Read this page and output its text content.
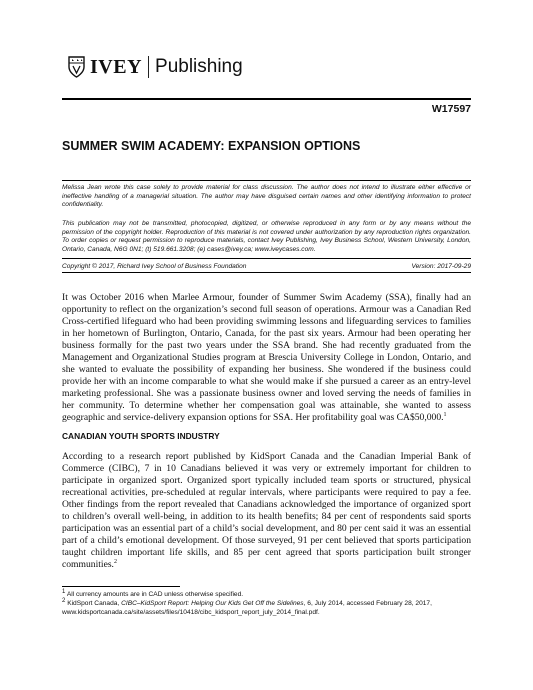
IVEY Publishing
W17597
SUMMER SWIM ACADEMY: EXPANSION OPTIONS
Melissa Jean wrote this case solely to provide material for class discussion. The author does not intend to illustrate either effective or ineffective handling of a managerial situation. The author may have disguised certain names and other identifying information to protect confidentiality.
This publication may not be transmitted, photocopied, digitized, or otherwise reproduced in any form or by any means without the permission of the copyright holder. Reproduction of this material is not covered under authorization by any reproduction rights organization. To order copies or request permission to reproduce materials, contact Ivey Publishing, Ivey Business School, Western University, London, Ontario, Canada, N6G 0N1; (t) 519.661.3208; (e) cases@ivey.ca; www.iveycases.com.
Copyright © 2017, Richard Ivey School of Business Foundation	Version: 2017-09-29
It was October 2016 when Marlee Armour, founder of Summer Swim Academy (SSA), finally had an opportunity to reflect on the organization’s second full season of operations. Armour was a Canadian Red Cross-certified lifeguard who had been providing swimming lessons and lifeguarding services to families in her hometown of Burlington, Ontario, Canada, for the past six years. Armour had been operating her business formally for the past two years under the SSA brand. She had recently graduated from the Management and Organizational Studies program at Brescia University College in London, Ontario, and she wanted to evaluate the possibility of expanding her business. She wondered if the business could provide her with an income comparable to what she would make if she pursued a career as an entry-level marketing professional. She was a passionate business owner and loved serving the needs of families in her community. To determine whether her compensation goal was attainable, she wanted to assess geographic and service-delivery expansion options for SSA. Her profitability goal was CA$50,000.$^1$
CANADIAN YOUTH SPORTS INDUSTRY
According to a research report published by KidSport Canada and the Canadian Imperial Bank of Commerce (CIBC), 7 in 10 Canadians believed it was very or extremely important for children to participate in organized sport. Organized sport typically included team sports or structured, physical recreational activities, pre-scheduled at regular intervals, where participants were required to pay a fee. Other findings from the report revealed that Canadians acknowledged the importance of organized sport to children’s overall well-being, in addition to its health benefits; 84 per cent of respondents said sports participation was an essential part of a child’s social development, and 80 per cent said it was an essential part of a child’s emotional development. Of those surveyed, 91 per cent believed that sports participation taught children important life skills, and 85 per cent agreed that sports participation built stronger communities.$^2$
$^1$ All currency amounts are in CAD unless otherwise specified.
$^2$ KidSport Canada, CIBC–KidSport Report: Helping Our Kids Get Off the Sidelines, 6, July 2014, accessed February 28, 2017,
www.kidsportcanada.ca/site/assets/files/10418/cibc_kidsport_report_july_2014_final.pdf.
